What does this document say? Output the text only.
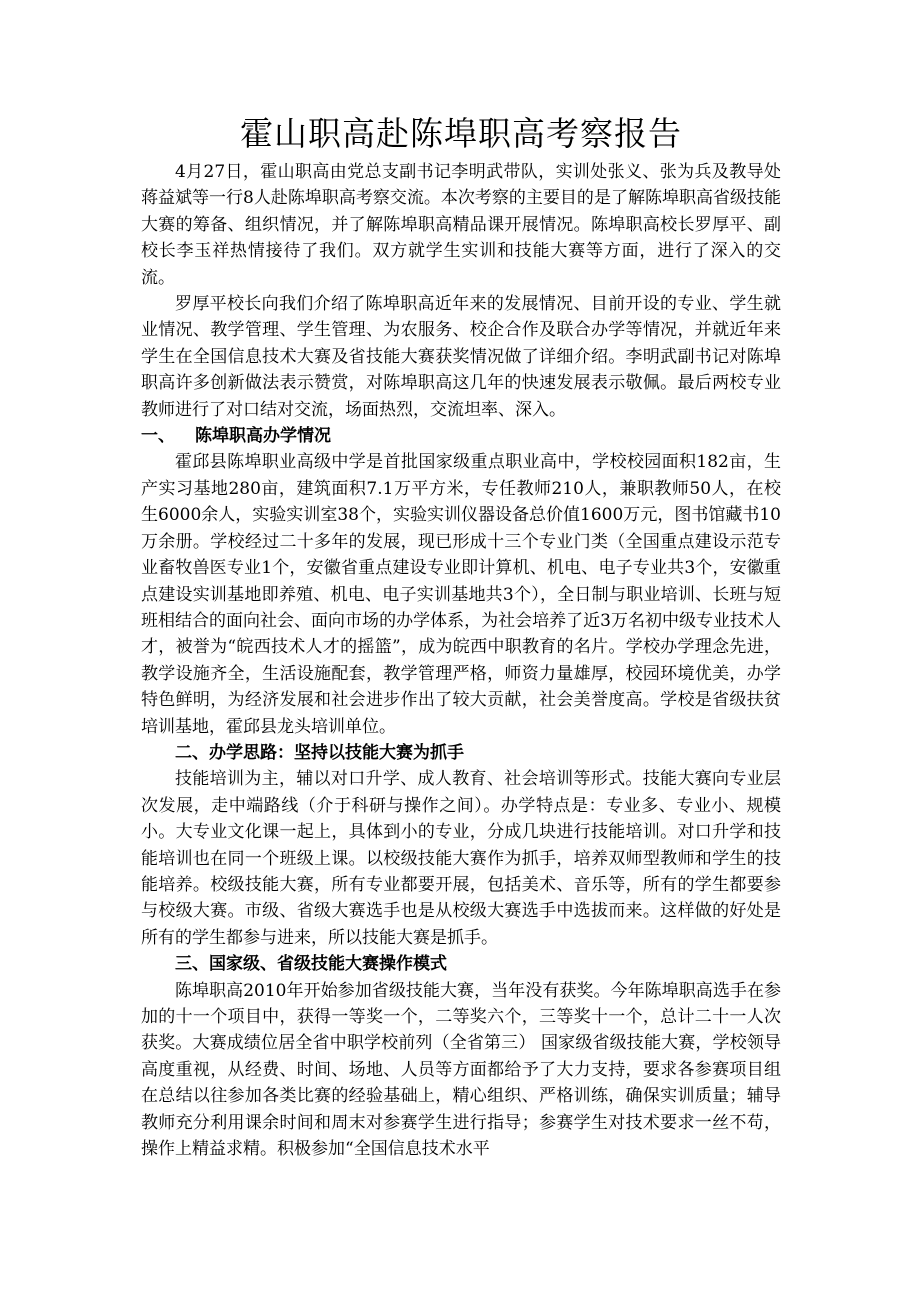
霍山职高赴陈埠职高考察报告

4月27日，霍山职高由党总支副书记李明武带队，实训处张义、张为兵及教导处蒋益斌等一行8人赴陈埠职高考察交流。本次考察的主要目的是了解陈埠职高省级技能大赛的筹备、组织情况，并了解陈埠职高精品课开展情况。陈埠职高校长罗厚平、副校长李玉祥热情接待了我们。双方就学生实训和技能大赛等方面，进行了深入的交流。

罗厚平校长向我们介绍了陈埠职高近年来的发展情况、目前开设的专业、学生就业情况、教学管理、学生管理、为农服务、校企合作及联合办学等情况，并就近年来学生在全国信息技术大赛及省技能大赛获奖情况做了详细介绍。李明武副书记对陈埠职高许多创新做法表示赞赏，对陈埠职高这几年的快速发展表示敬佩。最后两校专业教师进行了对口结对交流，场面热烈，交流坦率、深入。

一、 陈埠职高办学情况

霍邱县陈埠职业高级中学是首批国家级重点职业高中，学校校园面积182亩，生产实习基地280亩，建筑面积7.1万平方米，专任教师210人，兼职教师50人，在校生6000余人，实验实训室38个，实验实训仪器设备总价值1600万元，图书馆藏书10万余册。学校经过二十多年的发展，现已形成十三个专业门类（全国重点建设示范专业畜牧兽医专业1个，安徽省重点建设专业即计算机、机电、电子专业共3个，安徽重点建设实训基地即养殖、机电、电子实训基地共3个），全日制与职业培训、长班与短班相结合的面向社会、面向市场的办学体系，为社会培养了近3万名初中级专业技术人才，被誉为“皖西技术人才的摇篮”，成为皖西中职教育的名片。学校办学理念先进，教学设施齐全，生活设施配套，教学管理严格，师资力量雄厚，校园环境优美，办学特色鲜明，为经济发展和社会进步作出了较大贡献，社会美誉度高。学校是省级扶贫培训基地，霍邱县龙头培训单位。

二、办学思路：坚持以技能大赛为抓手

技能培训为主，辅以对口升学、成人教育、社会培训等形式。技能大赛向专业层次发展，走中端路线（介于科研与操作之间）。办学特点是：专业多、专业小、规模小。大专业文化课一起上，具体到小的专业，分成几块进行技能培训。对口升学和技能培训也在同一个班级上课。以校级技能大赛作为抓手，培养双师型教师和学生的技能培养。校级技能大赛，所有专业都要开展，包括美术、音乐等，所有的学生都要参与校级大赛。市级、省级大赛选手也是从校级大赛选手中选拔而来。这样做的好处是所有的学生都参与进来，所以技能大赛是抓手。

三、国家级、省级技能大赛操作模式

陈埠职高2010年开始参加省级技能大赛，当年没有获奖。今年陈埠职高选手在参加的十一个项目中，获得一等奖一个，二等奖六个，三等奖十一个，总计二十一人次获奖。大赛成绩位居全省中职学校前列（全省第三） 国家级省级技能大赛，学校领导高度重视，从经费、时间、场地、人员等方面都给予了大力支持，要求各参赛项目组在总结以往参加各类比赛的经验基础上，精心组织、严格训练，确保实训质量；辅导教师充分利用课余时间和周末对参赛学生进行指导；参赛学生对技术要求一丝不苟，操作上精益求精。积极参加“全国信息技术水平
